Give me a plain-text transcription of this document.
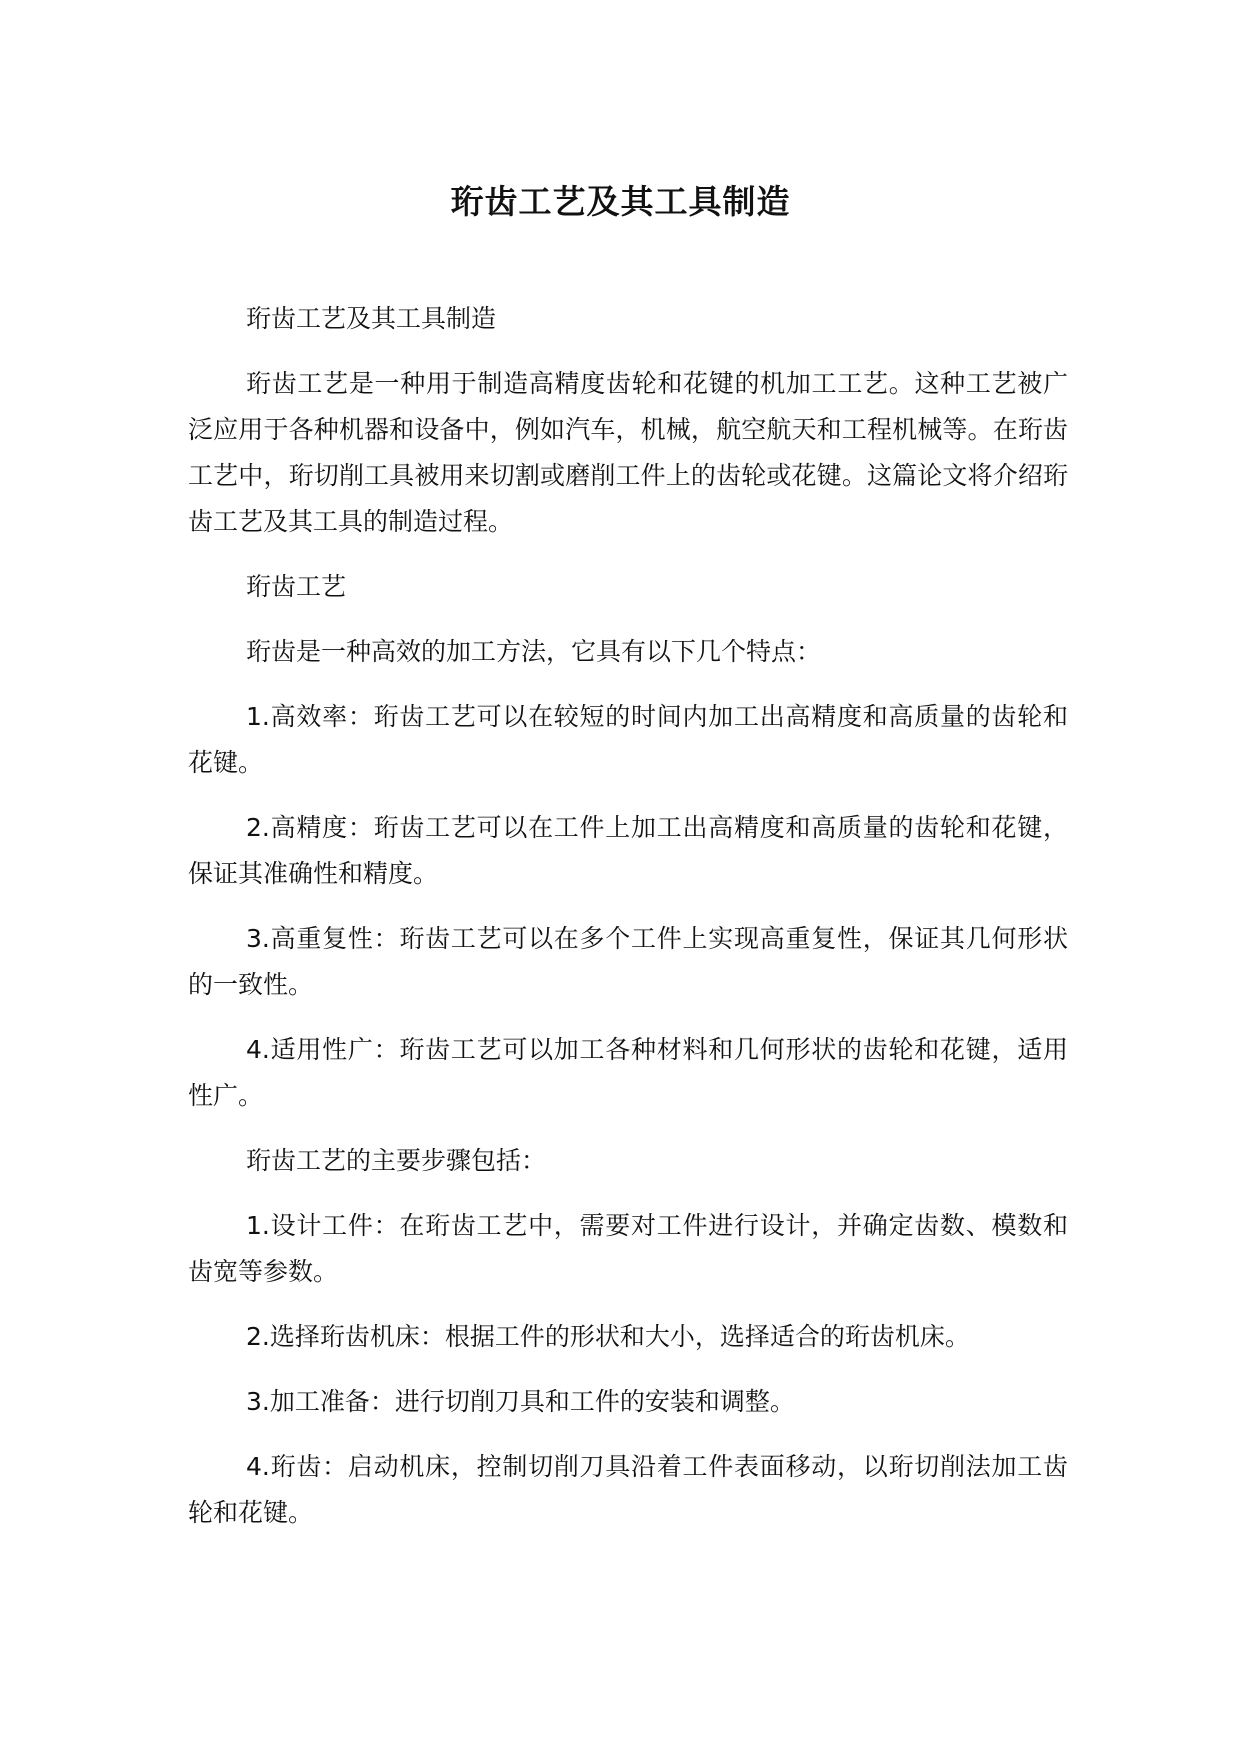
珩齿工艺及其工具制造

珩齿工艺及其工具制造

珩齿工艺是一种用于制造高精度齿轮和花键的机加工工艺。这种工艺被广泛应用于各种机器和设备中，例如汽车，机械，航空航天和工程机械等。在珩齿工艺中，珩切削工具被用来切割或磨削工件上的齿轮或花键。这篇论文将介绍珩齿工艺及其工具的制造过程。

珩齿工艺

珩齿是一种高效的加工方法，它具有以下几个特点：

1.高效率：珩齿工艺可以在较短的时间内加工出高精度和高质量的齿轮和花键。

2.高精度：珩齿工艺可以在工件上加工出高精度和高质量的齿轮和花键，保证其准确性和精度。

3.高重复性：珩齿工艺可以在多个工件上实现高重复性，保证其几何形状的一致性。

4.适用性广：珩齿工艺可以加工各种材料和几何形状的齿轮和花键，适用性广。

珩齿工艺的主要步骤包括：

1.设计工件：在珩齿工艺中，需要对工件进行设计，并确定齿数、模数和齿宽等参数。

2.选择珩齿机床：根据工件的形状和大小，选择适合的珩齿机床。

3.加工准备：进行切削刀具和工件的安装和调整。

4.珩齿：启动机床，控制切削刀具沿着工件表面移动，以珩切削法加工齿轮和花键。
